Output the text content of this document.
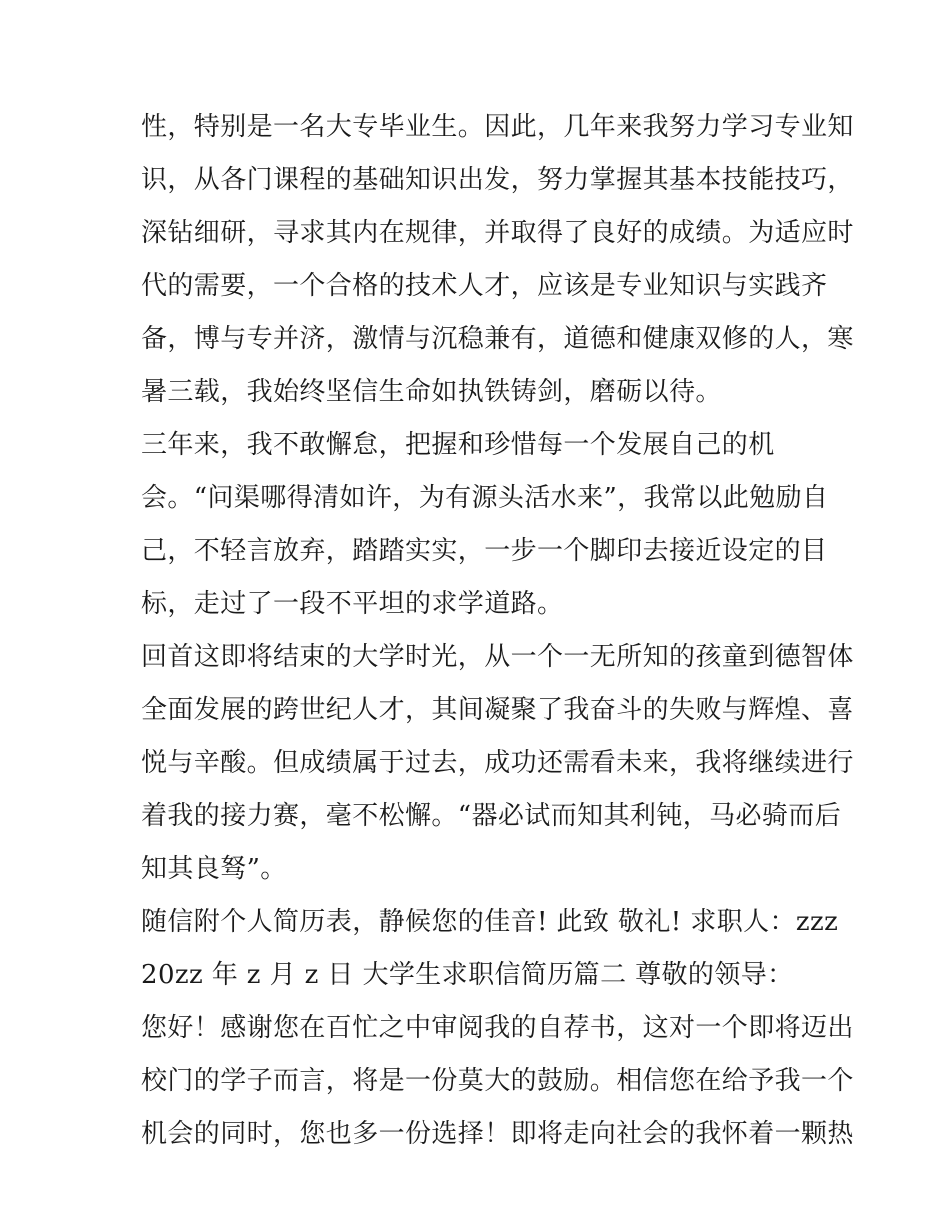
性，特别是一名大专毕业生。因此，几年来我努力学习专业知
识，从各门课程的基础知识出发，努力掌握其基本技能技巧，
深钻细研，寻求其内在规律，并取得了良好的成绩。为适应时
代的需要，一个合格的技术人才，应该是专业知识与实践齐
备，博与专并济，激情与沉稳兼有，道德和健康双修的人，寒
暑三载，我始终坚信生命如执铁铸剑，磨砺以待。
三年来，我不敢懈怠，把握和珍惜每一个发展自己的机
会。“问渠哪得清如许，为有源头活水来”，我常以此勉励自
己，不轻言放弃，踏踏实实，一步一个脚印去接近设定的目
标，走过了一段不平坦的求学道路。
回首这即将结束的大学时光，从一个一无所知的孩童到德智体
全面发展的跨世纪人才，其间凝聚了我奋斗的失败与辉煌、喜
悦与辛酸。但成绩属于过去，成功还需看未来，我将继续进行
着我的接力赛，毫不松懈。“器必试而知其利钝，马必骑而后
知其良驽”。
随信附个人简历表，静候您的佳音! 此致 敬礼! 求职人：zzz
20zz 年 z 月 z 日 大学生求职信简历篇二 尊敬的领导：
您好！感谢您在百忙之中审阅我的自荐书，这对一个即将迈出
校门的学子而言，将是一份莫大的鼓励。相信您在给予我一个
机会的同时，您也多一份选择！即将走向社会的我怀着一颗热
